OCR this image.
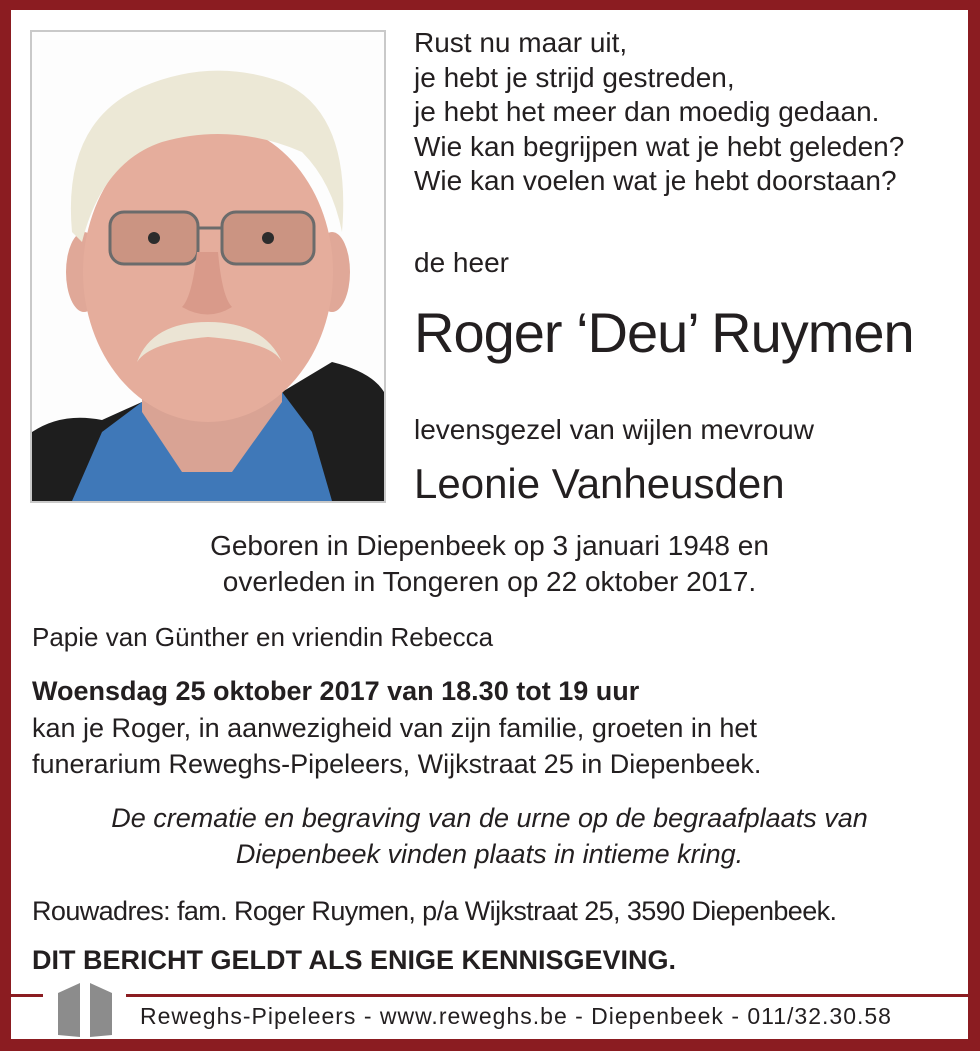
Rust nu maar uit,
je hebt je strijd gestreden,
je hebt het meer dan moedig gedaan.
Wie kan begrijpen wat je hebt geleden?
Wie kan voelen wat je hebt doorstaan?
de heer
Roger ‘Deu’ Ruymen
levensgezel van wijlen mevrouw
Leonie Vanheusden
Geboren in Diepenbeek op 3 januari 1948 en
overleden in Tongeren op 22 oktober 2017.
Papie van Günther en vriendin Rebecca
Woensdag 25 oktober 2017 van 18.30 tot 19 uur
kan je Roger, in aanwezigheid van zijn familie, groeten in het
funerarium Reweghs-Pipeleers, Wijkstraat 25 in Diepenbeek.
De crematie en begraving van de urne op de begraafplaats van
Diepenbeek vinden plaats in intieme kring.
Rouwadres: fam. Roger Ruymen, p/a Wijkstraat 25, 3590 Diepenbeek.
DIT BERICHT GELDT ALS ENIGE KENNISGEVING.
Reweghs-Pipeleers - www.reweghs.be - Diepenbeek - 011/32.30.58
